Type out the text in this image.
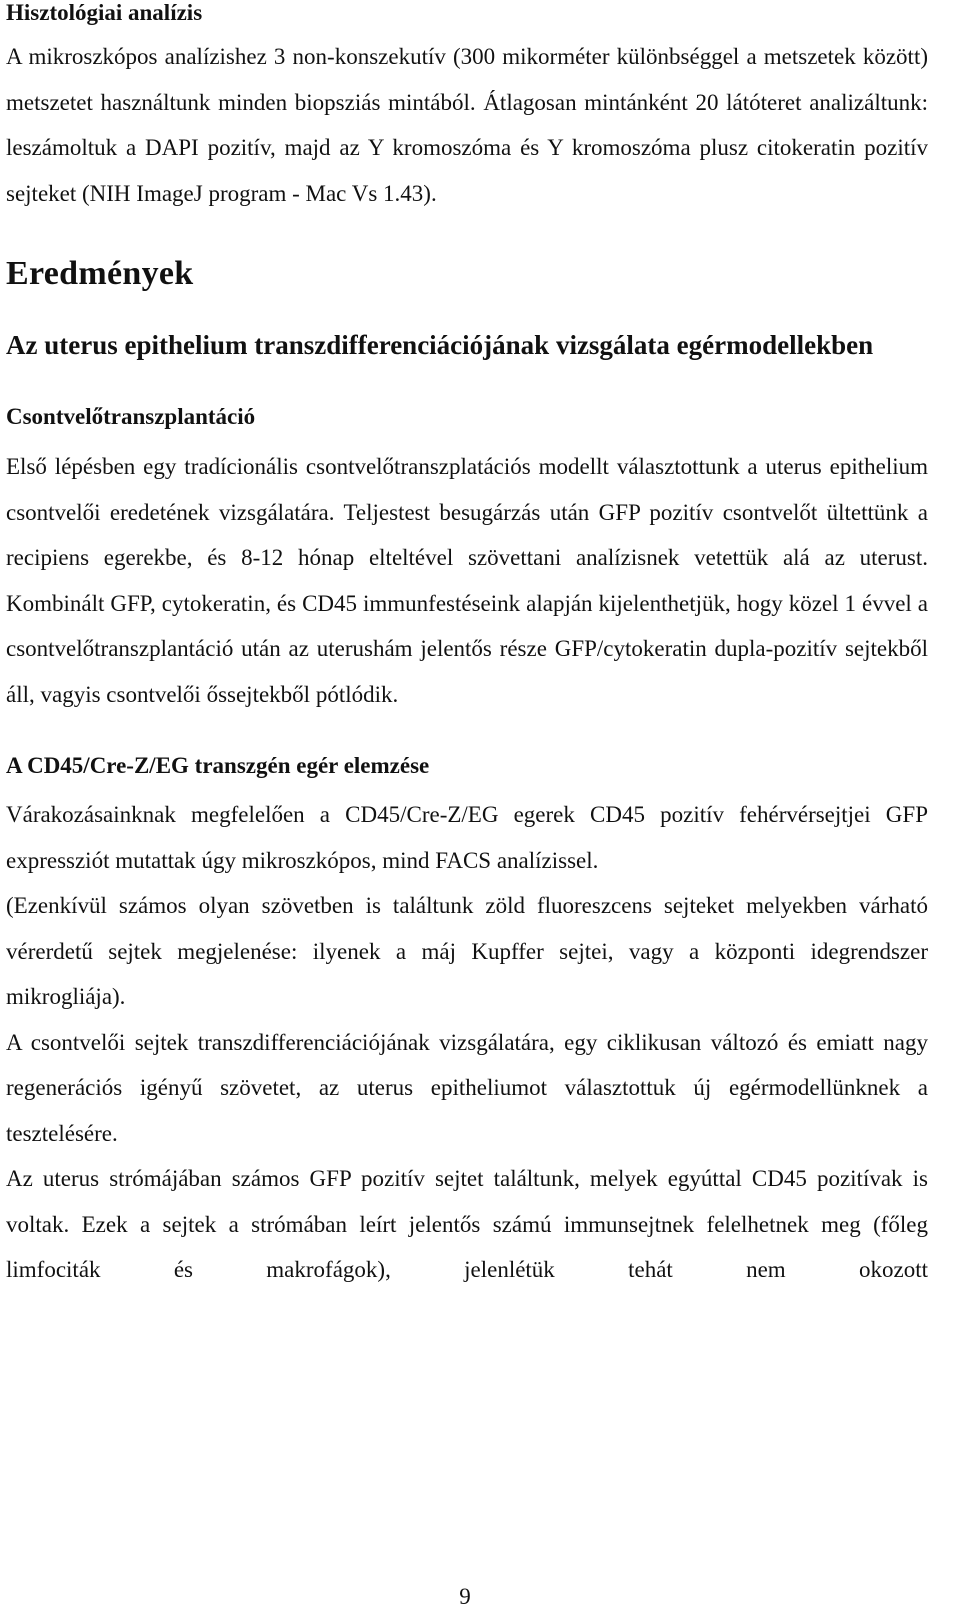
Hisztológiai analízis

A mikroszkópos analízishez 3 non-konszekutív (300 mikorméter különbséggel a metszetek között) metszetet használtunk minden biopsziás mintából. Átlagosan mintánként 20 látóteret analizáltunk: leszámoltuk a DAPI pozitív, majd az Y kromoszóma és Y kromoszóma plusz citokeratin pozitív sejteket (NIH ImageJ program - Mac Vs 1.43).

Eredmények
Az uterus epithelium transzdifferenciációjának vizsgálata egérmodellekben
Csontvelőtranszplantáció

Első lépésben egy tradícionális csontvelőtranszplatációs modellt választottunk a uterus epithelium csontvelői eredetének vizsgálatára. Teljestest besugárzás után GFP pozitív csontvelőt ültettünk a recipiens egerekbe, és 8-12 hónap elteltével szövettani analízisnek vetettük alá az uterust. Kombinált GFP, cytokeratin, és CD45 immunfestéseink alapján kijelenthetjük, hogy közel 1 évvel a csontvelőtranszplantáció után az uterushám jelentős része GFP/cytokeratin dupla-pozitív sejtekből áll, vagyis csontvelői őssejtekből pótlódik.

A CD45/Cre-Z/EG transzgén egér elemzése

Várakozásainknak megfelelően a CD45/Cre-Z/EG egerek CD45 pozitív fehérvérsejtjei GFP expressziót mutattak úgy mikroszkópos, mind FACS analízissel.

(Ezenkívül számos olyan szövetben is találtunk zöld fluoreszcens sejteket melyekben várható vérerdetű sejtek megjelenése: ilyenek a máj Kupffer sejtei, vagy a központi idegrendszer mikrogliája).

A csontvelői sejtek transzdifferenciációjának vizsgálatára, egy ciklikusan változó és emiatt nagy regenerációs igényű szövetet, az uterus epitheliumot választottuk új egérmodellünknek a tesztelésére.

Az uterus strómájában számos GFP pozitív sejtet találtunk, melyek egyúttal CD45 pozitívak is voltak. Ezek a sejtek a strómában leírt jelentős számú immunsejtnek felelhetnek meg (főleg limfociták és makrofágok), jelenlétük tehát nem okozott

9
